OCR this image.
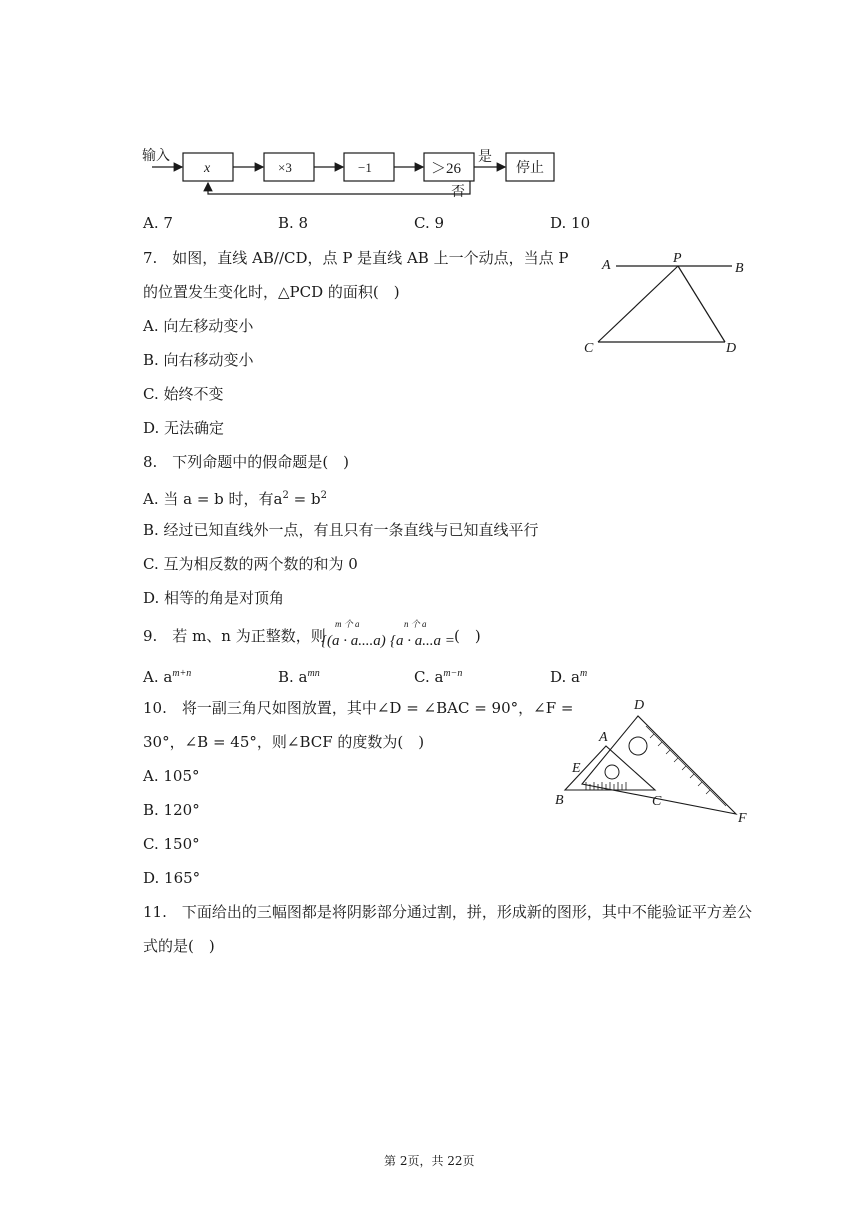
输入
x	×3	−1	＞26	停止
是
否
A. 7	B. 8	C. 9	D. 10
7.　如图，直线 AB//CD，点 P 是直线 AB 上一个动点，当点 P
的位置发生变化时，△PCD 的面积(　)
A. 向左移动变小
B. 向右移动变小
C. 始终不变
D. 无法确定
A	P
B
C	D
8.　下列命题中的假命题是(　)
A. 当 a = b 时，有$a^2 = b^2$
B. 经过已知直线外一点，有且只有一条直线与已知直线平行
C. 互为相反数的两个数的和为 0
D. 相等的角是对顶角
9.　若 m、n 为正整数，则
m 个 a	n 个 a
{(a · a....a) {a · a...a = (　)
A. $a^{m+n}$	B. $a^{mn}$	C. $a^{m-n}$	D. $a^m$
10.　将一副三角尺如图放置，其中∠D = ∠BAC = 90°，∠F =
30°，∠B = 45°，则∠BCF 的度数为(　)
A. 105°
B. 120°
C. 150°
D. 165°
D
A
E
B	C
F
11.　下面给出的三幅图都是将阴影部分通过割，拼，形成新的图形，其中不能验证平方差公
式的是(　)
第 2页，共 22页
